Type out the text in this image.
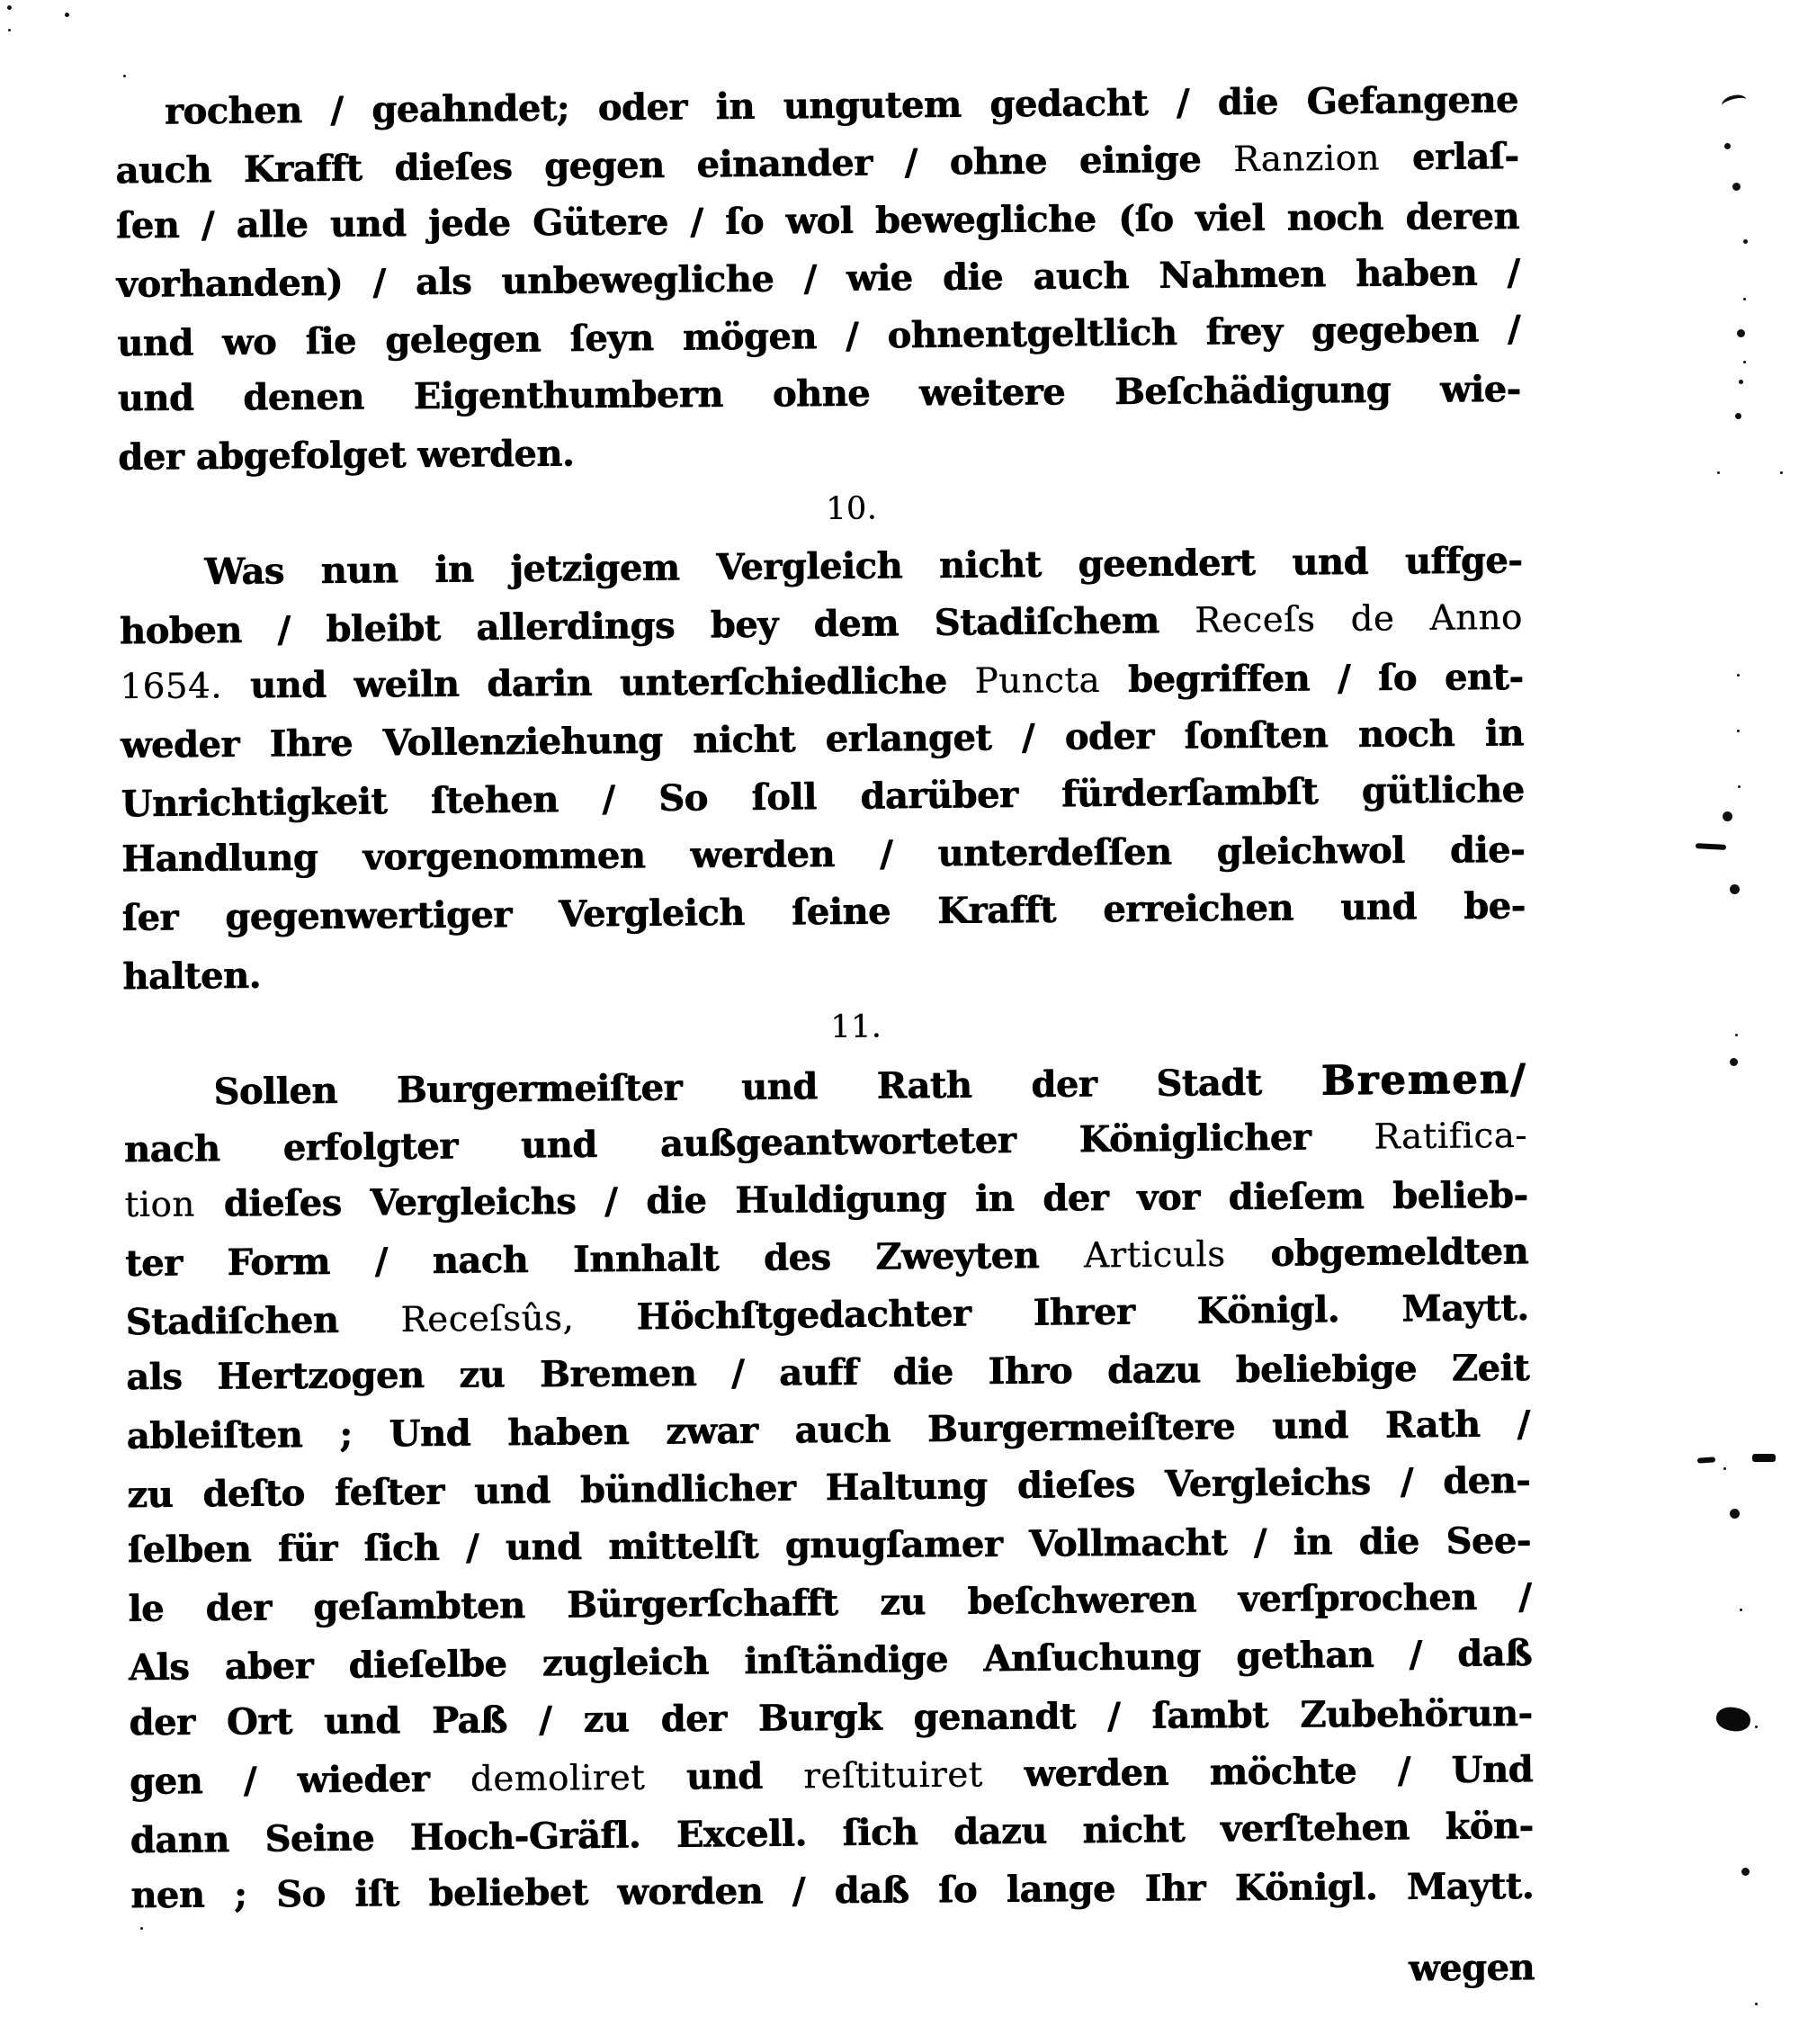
rochen / geahndet; oder in ungutem gedacht / die Gefangene
auch Krafft dieſes gegen einander / ohne einige Ranzion erlaſ-
ſen / alle und jede Gütere / ſo wol bewegliche (ſo viel noch deren
vorhanden) / als unbewegliche / wie die auch Nahmen haben /
und wo ſie gelegen ſeyn mögen / ohnentgeltlich frey gegeben /
und denen Eigenthumbern ohne weitere Beſchädigung wie-
der abgefolget werden.
10.
Was nun in jetzigem Vergleich nicht geendert und uffge-
hoben / bleibt allerdings bey dem Stadiſchem Receſs de Anno
1654. und weiln darin unterſchiedliche Puncta begriffen / ſo ent-
weder Ihre Vollenziehung nicht erlanget / oder ſonſten noch in
Unrichtigkeit ſtehen / So ſoll darüber fürderſambſt gütliche
Handlung vorgenommen werden / unterdeſſen gleichwol die-
ſer gegenwertiger Vergleich ſeine Krafft erreichen und be-
halten.
11.
Sollen Burgermeiſter und Rath der Stadt Bremen/
nach erfolgter und außgeantworteter Königlicher Ratifica-
tion dieſes Vergleichs / die Huldigung in der vor dieſem belieb-
ter Form / nach Innhalt des Zweyten Articuls obgemeldten
Stadiſchen Receſsûs, Höchſtgedachter Ihrer Königl. Maytt.
als Hertzogen zu Bremen / auff die Ihro dazu beliebige Zeit
ableiſten ; Und haben zwar auch Burgermeiſtere und Rath /
zu deſto feſter und bündlicher Haltung dieſes Vergleichs / den-
ſelben für ſich / und mittelſt gnugſamer Vollmacht / in die See-
le der geſambten Bürgerſchafft zu beſchweren verſprochen /
Als aber dieſelbe zugleich inſtändige Anſuchung gethan / daß
der Ort und Paß / zu der Burgk genandt / ſambt Zubehörun-
gen / wieder demoliret und reſtituiret werden möchte / Und
dann Seine Hoch-Gräfl. Excell. ſich dazu nicht verſtehen kön-
nen ; So iſt beliebet worden / daß ſo lange Ihr Königl. Maytt.
wegen
